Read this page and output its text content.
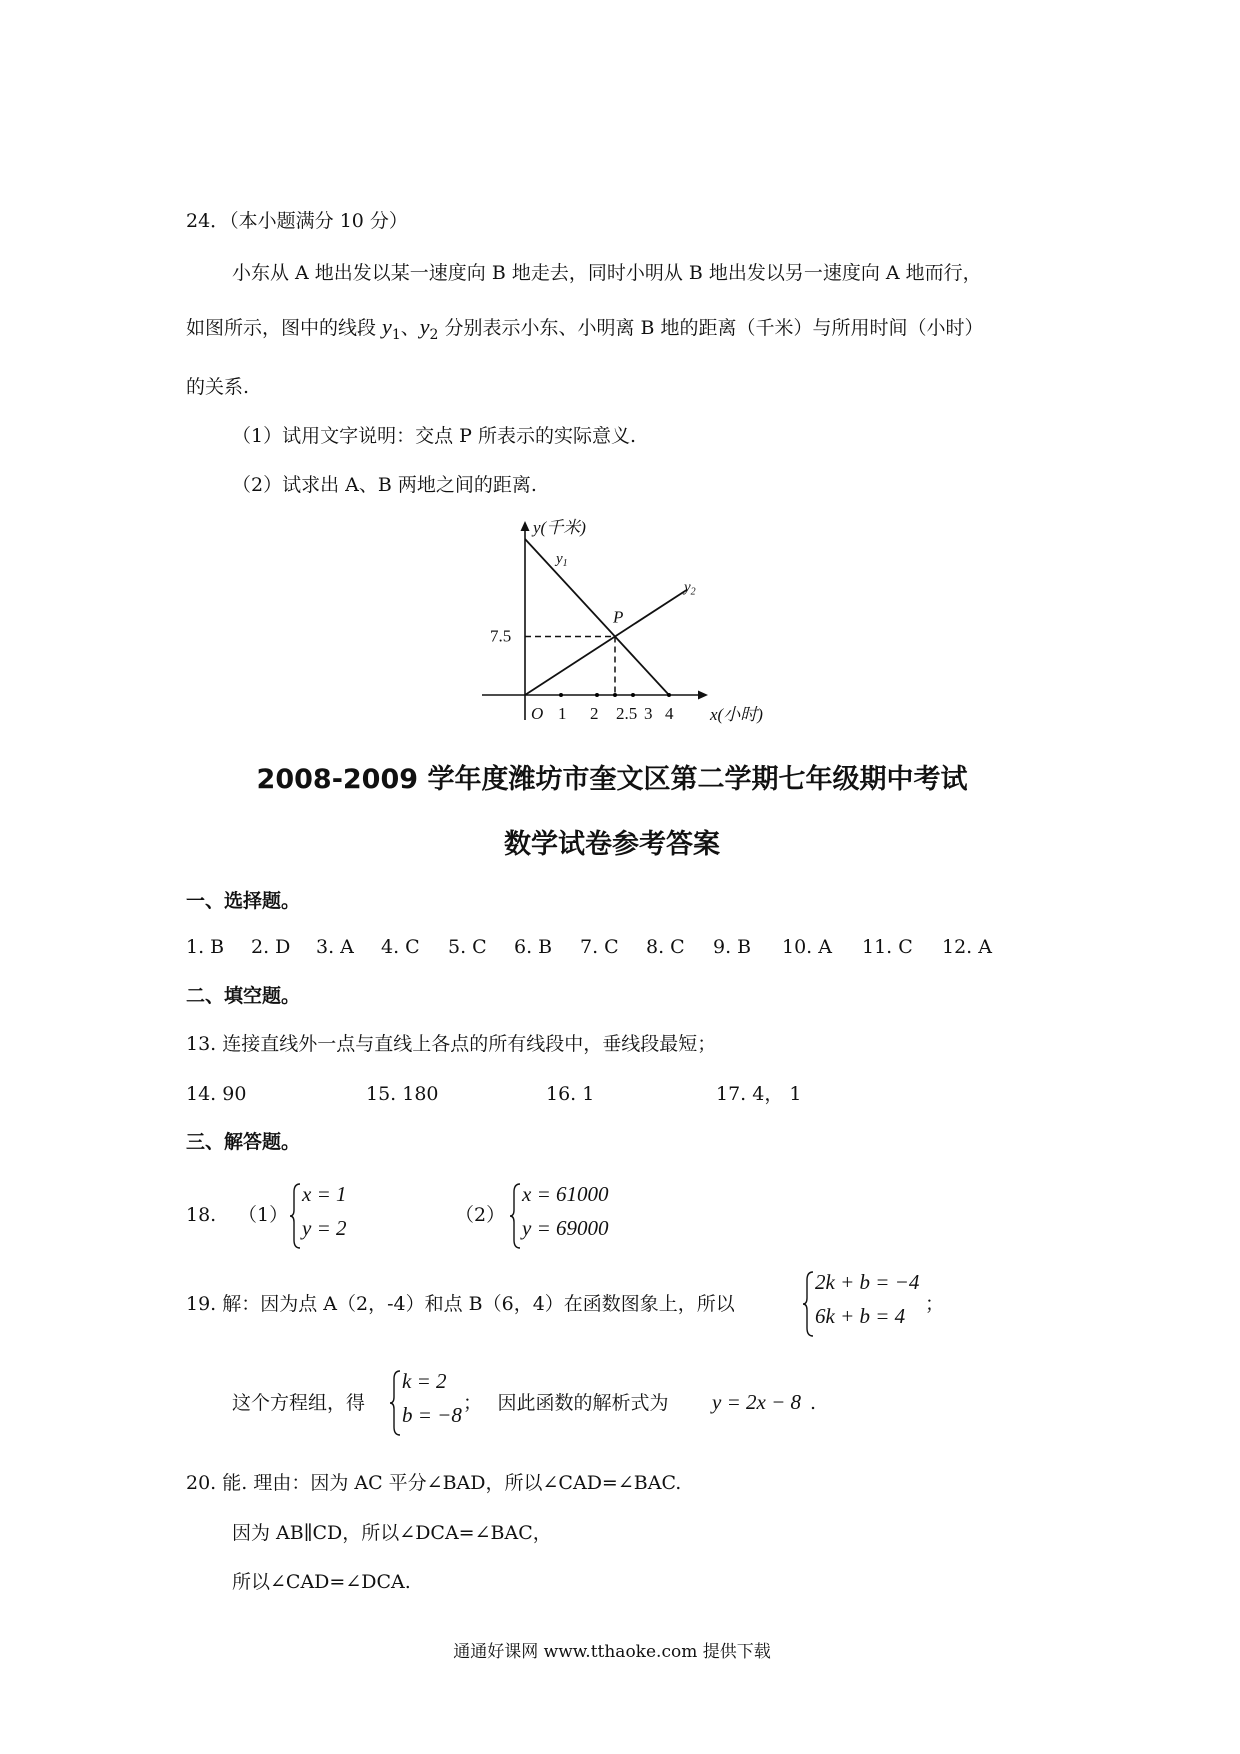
24．（本小题满分 10 分）
小东从 A 地出发以某一速度向 B 地走去，同时小明从 B 地出发以另一速度向 A 地而行，
如图所示，图中的线段 $y_1$、$y_2$ 分别表示小东、小明离 B 地的距离（千米）与所用时间（小时）
的关系.
（1）试用文字说明：交点 P 所表示的实际意义.
（2）试求出 A、B 两地之间的距离.
1 2 2.5 3 4
7.5
O
y(千米)
x(小时)
P
$y_1$
$y_2$
2008-2009 学年度潍坊市奎文区第二学期七年级期中考试
数学试卷参考答案
一、选择题。
1. B 2. D 3. A 4. C 5. C 6. B 7. C 8. C 9. B 10. A 11. C 12. A
二、填空题。
13. 连接直线外一点与直线上各点的所有线段中，垂线段最短；
14. 90	15. 180	16. 1	17. 4， 1
三、解答题。
18. （1）
x = 1
y = 2
（2）
x = 61000
y = 69000
19. 解：因为点 A（2，-4）和点 B（6，4）在函数图象上，所以
2k + b = −4
6k + b = 4 ；
这个方程组，得
k = 2
b = −8 ；　 因此函数的解析式为 y = 2x − 8 .
20. 能. 理由：因为 AC 平分∠BAD，所以∠CAD=∠BAC.
因为 AB∥CD，所以∠DCA=∠BAC，
所以∠CAD=∠DCA.
通通好课网 www.tthaoke.com 提供下载
